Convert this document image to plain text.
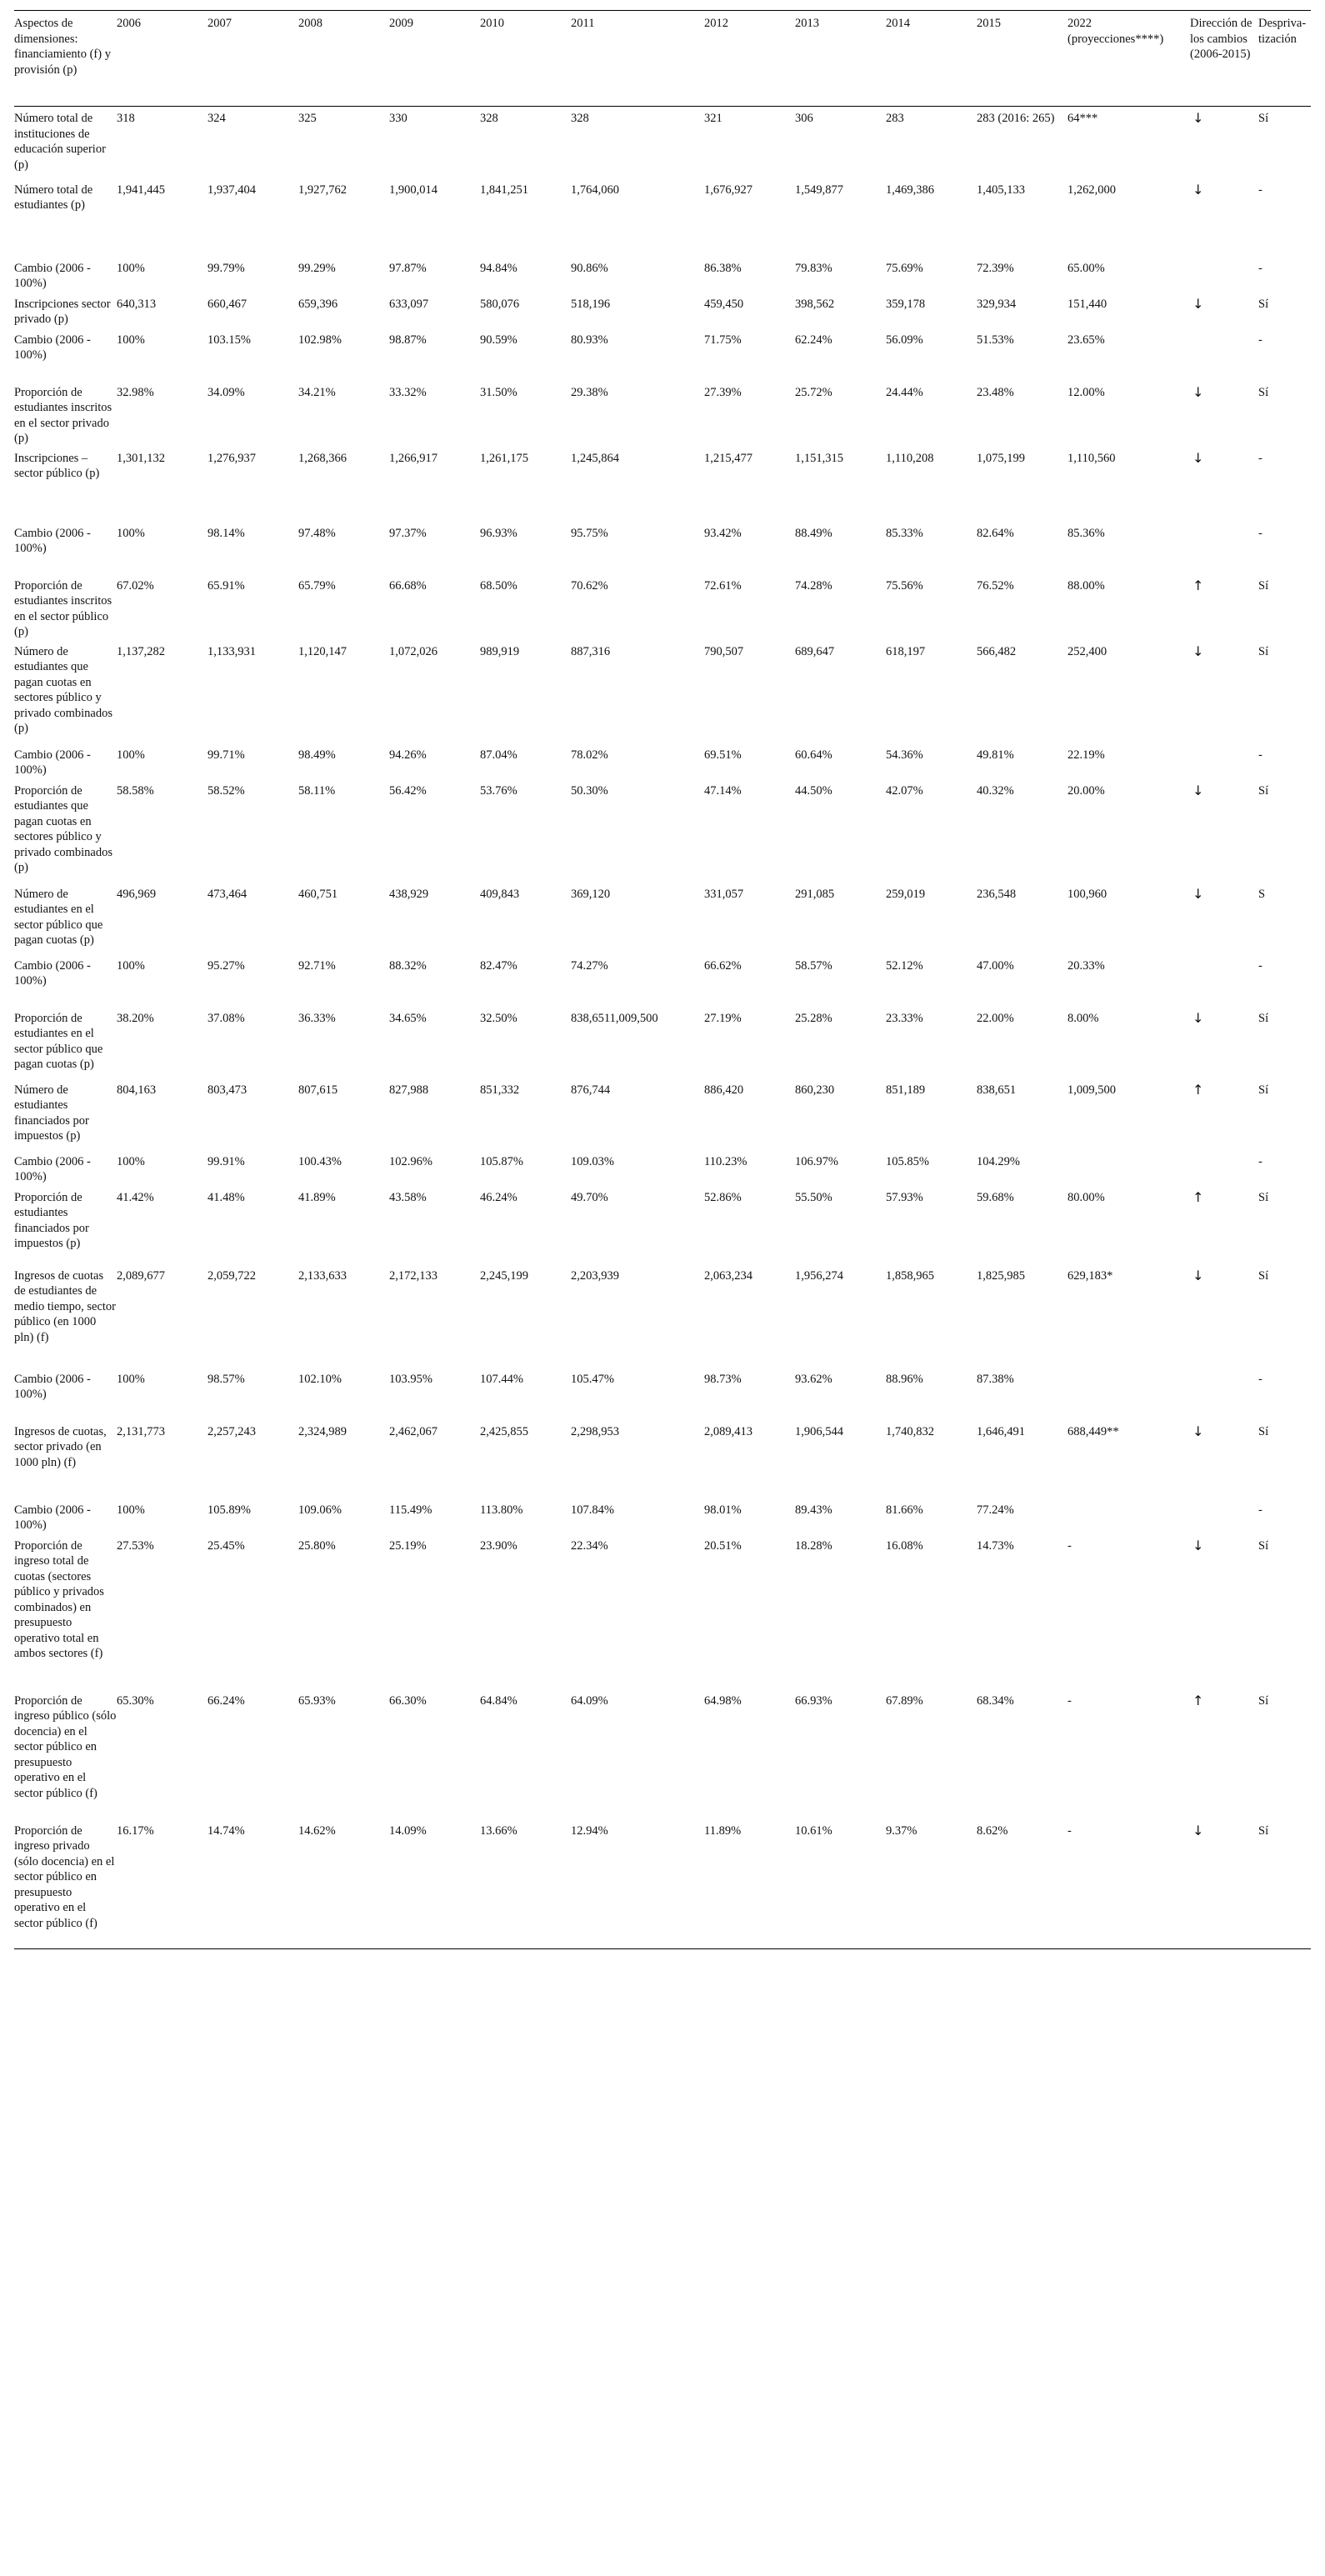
Aspectos de dimensiones: financiamiento (f) y provisión (p)	2006	2007	2008	2009	2010	2011	2012	2013	2014	2015	2022 (proyecciones****)	Dirección de los cambios (2006-2015)	Despriva-tización
Número total de instituciones de educación superior (p)	318	324	325	330	328	328	321	306	283	283 (2016: 265)	64***	↓	Sí
Número total de estudiantes (p)	1,941,445	1,937,404	1,927,762	1,900,014	1,841,251	1,764,060	1,676,927	1,549,877	1,469,386	1,405,133	1,262,000	↓	-
Cambio (2006 - 100%)	100%	99.79%	99.29%	97.87%	94.84%	90.86%	86.38%	79.83%	75.69%	72.39%	65.00%		-
Inscripciones sector privado (p)	640,313	660,467	659,396	633,097	580,076	518,196	459,450	398,562	359,178	329,934	151,440	↓	Sí
Cambio (2006 - 100%)	100%	103.15%	102.98%	98.87%	90.59%	80.93%	71.75%	62.24%	56.09%	51.53%	23.65%		-
Proporción de estudiantes inscritos en el sector privado (p)	32.98%	34.09%	34.21%	33.32%	31.50%	29.38%	27.39%	25.72%	24.44%	23.48%	12.00%	↓	Sí
Inscripciones – sector público (p)	1,301,132	1,276,937	1,268,366	1,266,917	1,261,175	1,245,864	1,215,477	1,151,315	1,110,208	1,075,199	1,110,560	↓	-
Cambio (2006 - 100%)	100%	98.14%	97.48%	97.37%	96.93%	95.75%	93.42%	88.49%	85.33%	82.64%	85.36%		-
Proporción de estudiantes inscritos en el sector público (p)	67.02%	65.91%	65.79%	66.68%	68.50%	70.62%	72.61%	74.28%	75.56%	76.52%	88.00%	↑	Sí
Número de estudiantes que pagan cuotas en sectores público y privado combinados (p)	1,137,282	1,133,931	1,120,147	1,072,026	989,919	887,316	790,507	689,647	618,197	566,482	252,400	↓	Sí
Cambio (2006 - 100%)	100%	99.71%	98.49%	94.26%	87.04%	78.02%	69.51%	60.64%	54.36%	49.81%	22.19%		-
Proporción de estudiantes que pagan cuotas en sectores público y privado combinados (p)	58.58%	58.52%	58.11%	56.42%	53.76%	50.30%	47.14%	44.50%	42.07%	40.32%	20.00%	↓	Sí
Número de estudiantes en el sector público que pagan cuotas (p)	496,969	473,464	460,751	438,929	409,843	369,120	331,057	291,085	259,019	236,548	100,960	↓	S
Cambio (2006 - 100%)	100%	95.27%	92.71%	88.32%	82.47%	74.27%	66.62%	58.57%	52.12%	47.00%	20.33%		-
Proporción de estudiantes en el sector público que pagan cuotas (p)	38.20%	37.08%	36.33%	34.65%	32.50%	838,6511,009,500	27.19%	25.28%	23.33%	22.00%	8.00%	↓	Sí
Número de estudiantes financiados por impuestos (p)	804,163	803,473	807,615	827,988	851,332	876,744	886,420	860,230	851,189	838,651	1,009,500	↑	Sí
Cambio (2006 - 100%)	100%	99.91%	100.43%	102.96%	105.87%	109.03%	110.23%	106.97%	105.85%	104.29%			-
Proporción de estudiantes financiados por impuestos (p)	41.42%	41.48%	41.89%	43.58%	46.24%	49.70%	52.86%	55.50%	57.93%	59.68%	80.00%	↑	Sí
Ingresos de cuotas de estudiantes de medio tiempo, sector público (en 1000 pln) (f)	2,089,677	2,059,722	2,133,633	2,172,133	2,245,199	2,203,939	2,063,234	1,956,274	1,858,965	1,825,985	629,183*	↓	Sí
Cambio (2006 - 100%)	100%	98.57%	102.10%	103.95%	107.44%	105.47%	98.73%	93.62%	88.96%	87.38%			-
Ingresos de cuotas, sector privado (en 1000 pln) (f)	2,131,773	2,257,243	2,324,989	2,462,067	2,425,855	2,298,953	2,089,413	1,906,544	1,740,832	1,646,491	688,449**	↓	Sí
Cambio (2006 - 100%)	100%	105.89%	109.06%	115.49%	113.80%	107.84%	98.01%	89.43%	81.66%	77.24%			-
Proporción de ingreso total de cuotas (sectores público y privados combinados) en presupuesto operativo total en ambos sectores (f)	27.53%	25.45%	25.80%	25.19%	23.90%	22.34%	20.51%	18.28%	16.08%	14.73%	-	↓	Sí
Proporción de ingreso público (sólo docencia) en el sector público en presupuesto operativo en el sector público (f)	65.30%	66.24%	65.93%	66.30%	64.84%	64.09%	64.98%	66.93%	67.89%	68.34%	-	↑	Sí
Proporción de ingreso privado (sólo docencia) en el sector público en presupuesto operativo en el sector público (f)	16.17%	14.74%	14.62%	14.09%	13.66%	12.94%	11.89%	10.61%	9.37%	8.62%	-	↓	Sí
